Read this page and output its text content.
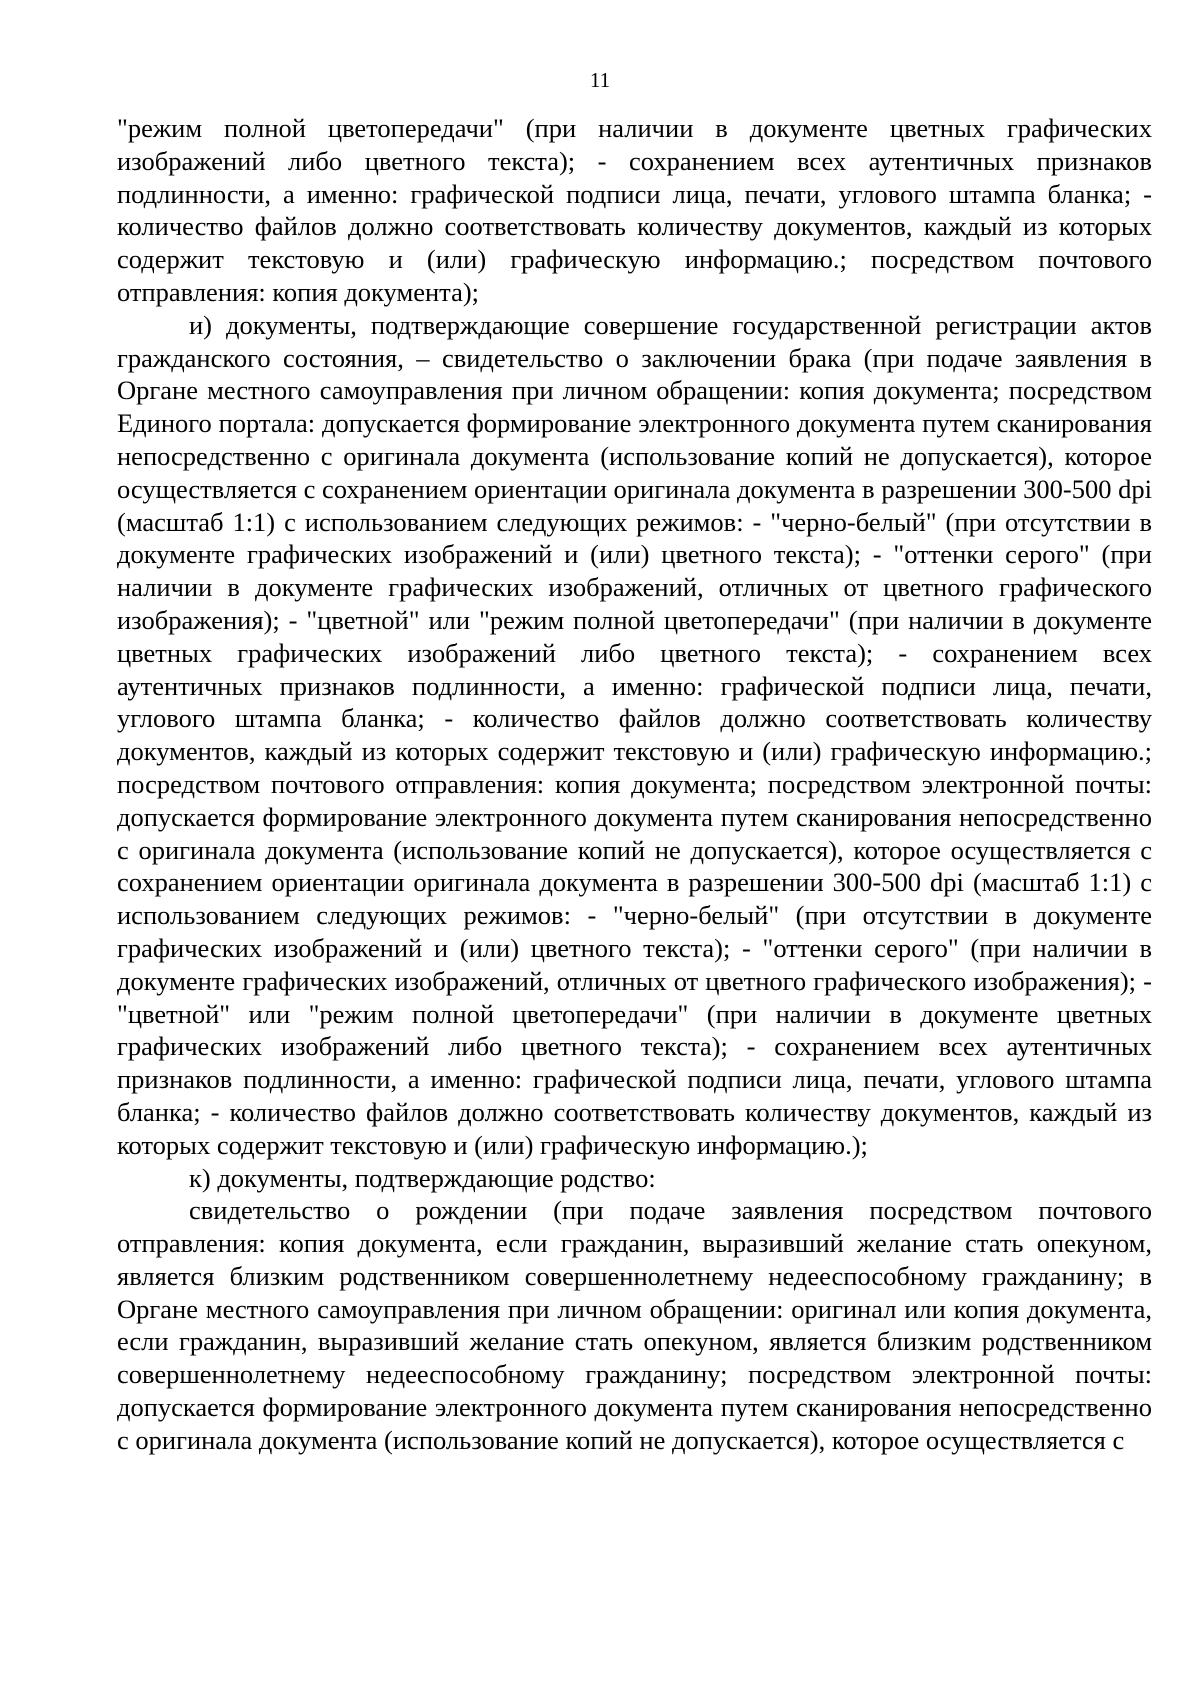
11

"режим полной цветопередачи" (при наличии в документе цветных графических изображений либо цветного текста); - сохранением всех аутентичных признаков подлинности, а именно: графической подписи лица, печати, углового штампа бланка; - количество файлов должно соответствовать количеству документов, каждый из которых содержит текстовую и (или) графическую информацию.; посредством почтового отправления: копия документа);

и) документы, подтверждающие совершение государственной регистрации актов гражданского состояния, – свидетельство о заключении брака (при подаче заявления в Органе местного самоуправления при личном обращении: копия документа; посредством Единого портала: допускается формирование электронного документа путем сканирования непосредственно с оригинала документа (использование копий не допускается), которое осуществляется с сохранением ориентации оригинала документа в разрешении 300-500 dpi (масштаб 1:1) с использованием следующих режимов: - "черно-белый" (при отсутствии в документе графических изображений и (или) цветного текста); - "оттенки серого" (при наличии в документе графических изображений, отличных от цветного графического изображения); - "цветной" или "режим полной цветопередачи" (при наличии в документе цветных графических изображений либо цветного текста); - сохранением всех аутентичных признаков подлинности, а именно: графической подписи лица, печати, углового штампа бланка; - количество файлов должно соответствовать количеству документов, каждый из которых содержит текстовую и (или) графическую информацию.; посредством почтового отправления: копия документа; посредством электронной почты: допускается формирование электронного документа путем сканирования непосредственно с оригинала документа (использование копий не допускается), которое осуществляется с сохранением ориентации оригинала документа в разрешении 300-500 dpi (масштаб 1:1) с использованием следующих режимов: - "черно-белый" (при отсутствии в документе графических изображений и (или) цветного текста); - "оттенки серого" (при наличии в документе графических изображений, отличных от цветного графического изображения); - "цветной" или "режим полной цветопередачи" (при наличии в документе цветных графических изображений либо цветного текста); - сохранением всех аутентичных признаков подлинности, а именно: графической подписи лица, печати, углового штампа бланка; - количество файлов должно соответствовать количеству документов, каждый из которых содержит текстовую и (или) графическую информацию.);

к) документы, подтверждающие родство:

свидетельство о рождении (при подаче заявления посредством почтового отправления: копия документа, если гражданин, выразивший желание стать опекуном, является близким родственником совершеннолетнему недееспособному гражданину; в Органе местного самоуправления при личном обращении: оригинал или копия документа, если гражданин, выразивший желание стать опекуном, является близким родственником совершеннолетнему недееспособному гражданину; посредством электронной почты: допускается формирование электронного документа путем сканирования непосредственно с оригинала документа (использование копий не допускается), которое осуществляется с
